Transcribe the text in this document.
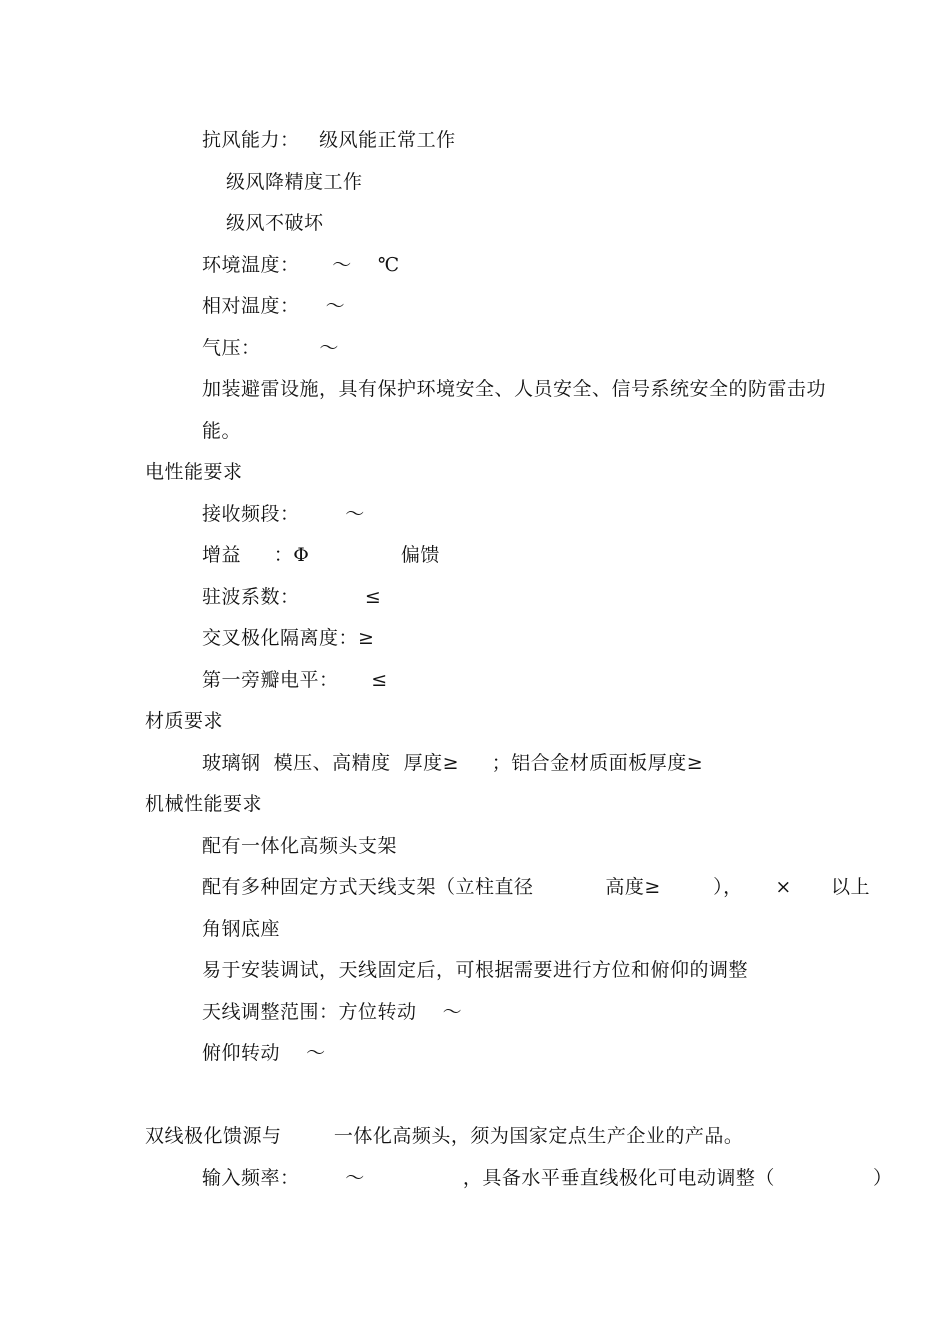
抗风能力：   级风能正常工作
级风降精度工作
级风不破坏
环境温度：     ～    ℃
相对温度：    ～
气压：         ～
加装避雷设施，具有保护环境安全、人员安全、信号系统安全的防雷击功
能。
电性能要求
接收频段：       ～
增益     ：Φ              偏馈
驻波系数：          ≤
交叉极化隔离度：≥
第一旁瓣电平：     ≤
材质要求
玻璃钢  模压、高精度  厚度≥     ；铝合金材质面板厚度≥
机械性能要求
配有一体化高频头支架
配有多种固定方式天线支架（立柱直径           高度≥        ），     ×      以上
角钢底座
易于安装调试，天线固定后，可根据需要进行方位和俯仰的调整
天线调整范围：方位转动    ～
俯仰转动    ～
双线极化馈源与        一体化高频头，须为国家定点生产企业的产品。
输入频率：       ～               ，具备水平垂直线极化可电动调整（               ）
